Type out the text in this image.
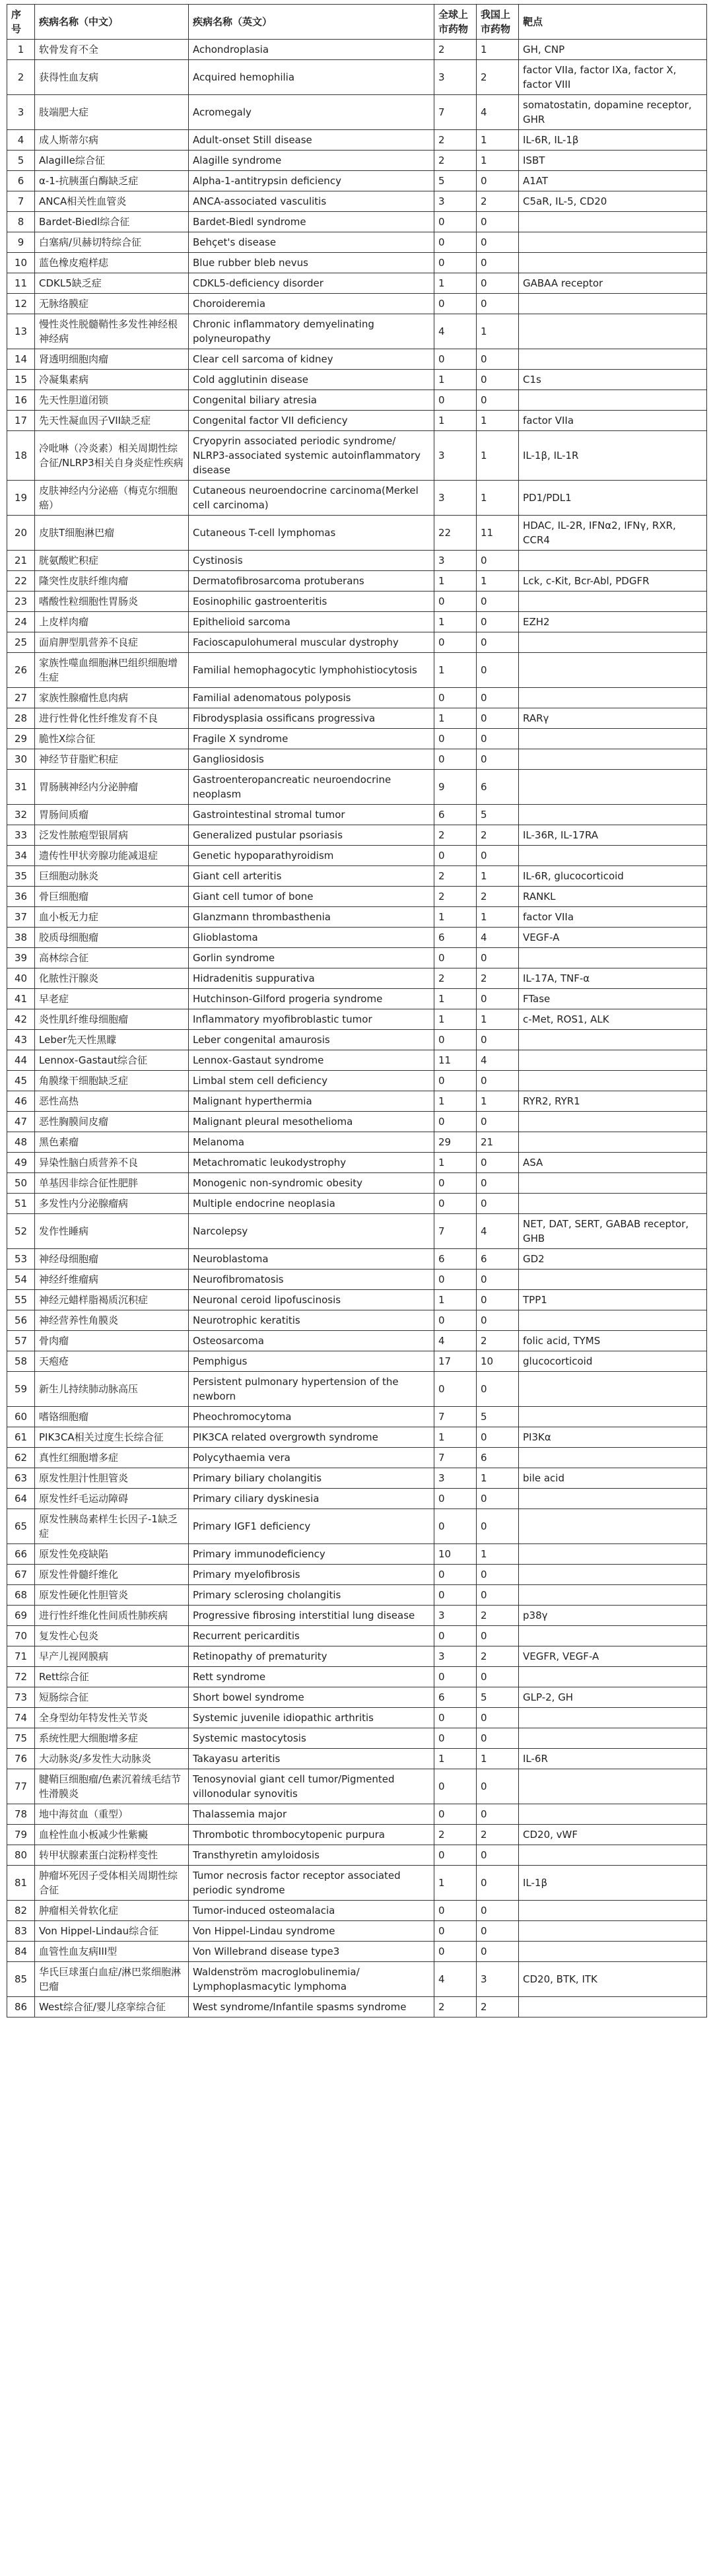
序号	疾病名称（中文）	疾病名称（英文）	全球上市药物	我国上市药物	靶点
1	软骨发育不全	Achondroplasia	2	1	GH, CNP
2	获得性血友病	Acquired hemophilia	3	2	factor VIIa, factor IXa, factor X, factor VIII
3	肢端肥大症	Acromegaly	7	4	somatostatin, dopamine receptor, GHR
4	成人斯蒂尔病	Adult-onset Still disease	2	1	IL-6R, IL-1β
5	Alagille综合征	Alagille syndrome	2	1	ISBT
6	α-1-抗胰蛋白酶缺乏症	Alpha-1-antitrypsin deficiency	5	0	A1AT
7	ANCA相关性血管炎	ANCA-associated vasculitis	3	2	C5aR, IL-5, CD20
8	Bardet-Biedl综合征	Bardet-Biedl syndrome	0	0	
9	白塞病/贝赫切特综合征	Behçet's disease	0	0	
10	蓝色橡皮疱样痣	Blue rubber bleb nevus	0	0	
11	CDKL5缺乏症	CDKL5-deficiency disorder	1	0	GABAA receptor
12	无脉络膜症	Choroideremia	0	0	
13	慢性炎性脱髓鞘性多发性神经根神经病	Chronic inflammatory demyelinating polyneuropathy	4	1	
14	肾透明细胞肉瘤	Clear cell sarcoma of kidney	0	0	
15	冷凝集素病	Cold agglutinin disease	1	0	C1s
16	先天性胆道闭锁	Congenital biliary atresia	0	0	
17	先天性凝血因子VII缺乏症	Congenital factor VII deficiency	1	1	factor VIIa
18	冷吡啉（冷炎素）相关周期性综合征/NLRP3相关自身炎症性疾病	Cryopyrin associated periodic syndrome/ NLRP3-associated systemic autoinflammatory disease	3	1	IL-1β, IL-1R
19	皮肤神经内分泌癌（梅克尔细胞癌）	Cutaneous neuroendocrine carcinoma(Merkel cell carcinoma)	3	1	PD1/PDL1
20	皮肤T细胞淋巴瘤	Cutaneous T-cell lymphomas	22	11	HDAC, IL-2R, IFNα2, IFNγ, RXR, CCR4
21	胱氨酸贮积症	Cystinosis	3	0	
22	隆突性皮肤纤维肉瘤	Dermatofibrosarcoma protuberans	1	1	Lck, c-Kit, Bcr-Abl, PDGFR
23	嗜酸性粒细胞性胃肠炎	Eosinophilic gastroenteritis	0	0	
24	上皮样肉瘤	Epithelioid sarcoma	1	0	EZH2
25	面肩胛型肌营养不良症	Facioscapulohumeral muscular dystrophy	0	0	
26	家族性噬血细胞淋巴组织细胞增生症	Familial hemophagocytic lymphohistiocytosis	1	0	
27	家族性腺瘤性息肉病	Familial adenomatous polyposis	0	0	
28	进行性骨化性纤维发育不良	Fibrodysplasia ossificans progressiva	1	0	RARγ
29	脆性X综合征	Fragile X syndrome	0	0	
30	神经节苷脂贮积症	Gangliosidosis	0	0	
31	胃肠胰神经内分泌肿瘤	Gastroenteropancreatic neuroendocrine neoplasm	9	6	
32	胃肠间质瘤	Gastrointestinal stromal tumor	6	5	
33	泛发性脓疱型银屑病	Generalized pustular psoriasis	2	2	IL-36R, IL-17RA
34	遗传性甲状旁腺功能减退症	Genetic hypoparathyroidism	0	0	
35	巨细胞动脉炎	Giant cell arteritis	2	1	IL-6R, glucocorticoid
36	骨巨细胞瘤	Giant cell tumor of bone	2	2	RANKL
37	血小板无力症	Glanzmann thrombasthenia	1	1	factor VIIa
38	胶质母细胞瘤	Glioblastoma	6	4	VEGF-A
39	高林综合征	Gorlin syndrome	0	0	
40	化脓性汗腺炎	Hidradenitis suppurativa	2	2	IL-17A, TNF-α
41	早老症	Hutchinson-Gilford progeria syndrome	1	0	FTase
42	炎性肌纤维母细胞瘤	Inflammatory myofibroblastic tumor	1	1	c-Met, ROS1, ALK
43	Leber先天性黑矇	Leber congenital amaurosis	0	0	
44	Lennox-Gastaut综合征	Lennox-Gastaut syndrome	11	4	
45	角膜缘干细胞缺乏症	Limbal stem cell deficiency	0	0	
46	恶性高热	Malignant hyperthermia	1	1	RYR2, RYR1
47	恶性胸膜间皮瘤	Malignant pleural mesothelioma	0	0	
48	黑色素瘤	Melanoma	29	21	
49	异染性脑白质营养不良	Metachromatic leukodystrophy	1	0	ASA
50	单基因非综合征性肥胖	Monogenic non-syndromic obesity	0	0	
51	多发性内分泌腺瘤病	Multiple endocrine neoplasia	0	0	
52	发作性睡病	Narcolepsy	7	4	NET, DAT, SERT, GABAB receptor, GHB
53	神经母细胞瘤	Neuroblastoma	6	6	GD2
54	神经纤维瘤病	Neurofibromatosis	0	0	
55	神经元蜡样脂褐质沉积症	Neuronal ceroid lipofuscinosis	1	0	TPP1
56	神经营养性角膜炎	Neurotrophic keratitis	0	0	
57	骨肉瘤	Osteosarcoma	4	2	folic acid, TYMS
58	天疱疮	Pemphigus	17	10	glucocorticoid
59	新生儿持续肺动脉高压	Persistent pulmonary hypertension of the newborn	0	0	
60	嗜铬细胞瘤	Pheochromocytoma	7	5	
61	PIK3CA相关过度生长综合征	PIK3CA related overgrowth syndrome	1	0	PI3Kα
62	真性红细胞增多症	Polycythaemia vera	7	6	
63	原发性胆汁性胆管炎	Primary biliary cholangitis	3	1	bile acid
64	原发性纤毛运动障碍	Primary ciliary dyskinesia	0	0	
65	原发性胰岛素样生长因子-1缺乏症	Primary IGF1 deficiency	0	0	
66	原发性免疫缺陷	Primary immunodeficiency	10	1	
67	原发性骨髓纤维化	Primary myelofibrosis	0	0	
68	原发性硬化性胆管炎	Primary sclerosing cholangitis	0	0	
69	进行性纤维化性间质性肺疾病	Progressive fibrosing interstitial lung disease	3	2	p38γ
70	复发性心包炎	Recurrent pericarditis	0	0	
71	早产儿视网膜病	Retinopathy of prematurity	3	2	VEGFR, VEGF-A
72	Rett综合征	Rett syndrome	0	0	
73	短肠综合征	Short bowel syndrome	6	5	GLP-2, GH
74	全身型幼年特发性关节炎	Systemic juvenile idiopathic arthritis	0	0	
75	系统性肥大细胞增多症	Systemic mastocytosis	0	0	
76	大动脉炎/多发性大动脉炎	Takayasu arteritis	1	1	IL-6R
77	腱鞘巨细胞瘤/色素沉着绒毛结节性滑膜炎	Tenosynovial giant cell tumor/Pigmented villonodular synovitis	0	0	
78	地中海贫血（重型）	Thalassemia major	0	0	
79	血栓性血小板减少性紫癜	Thrombotic thrombocytopenic purpura	2	2	CD20, vWF
80	转甲状腺素蛋白淀粉样变性	Transthyretin amyloidosis	0	0	
81	肿瘤坏死因子受体相关周期性综合征	Tumor necrosis factor receptor associated periodic syndrome	1	0	IL-1β
82	肿瘤相关骨软化症	Tumor-induced osteomalacia	0	0	
83	Von Hippel-Lindau综合征	Von Hippel-Lindau syndrome	0	0	
84	血管性血友病III型	Von Willebrand disease type3	0	0	
85	华氏巨球蛋白血症/淋巴浆细胞淋巴瘤	Waldenström macroglobulinemia/ Lymphoplasmacytic lymphoma	4	3	CD20, BTK, ITK
86	West综合征/婴儿痉挛综合征	West syndrome/Infantile spasms syndrome	2	2	
